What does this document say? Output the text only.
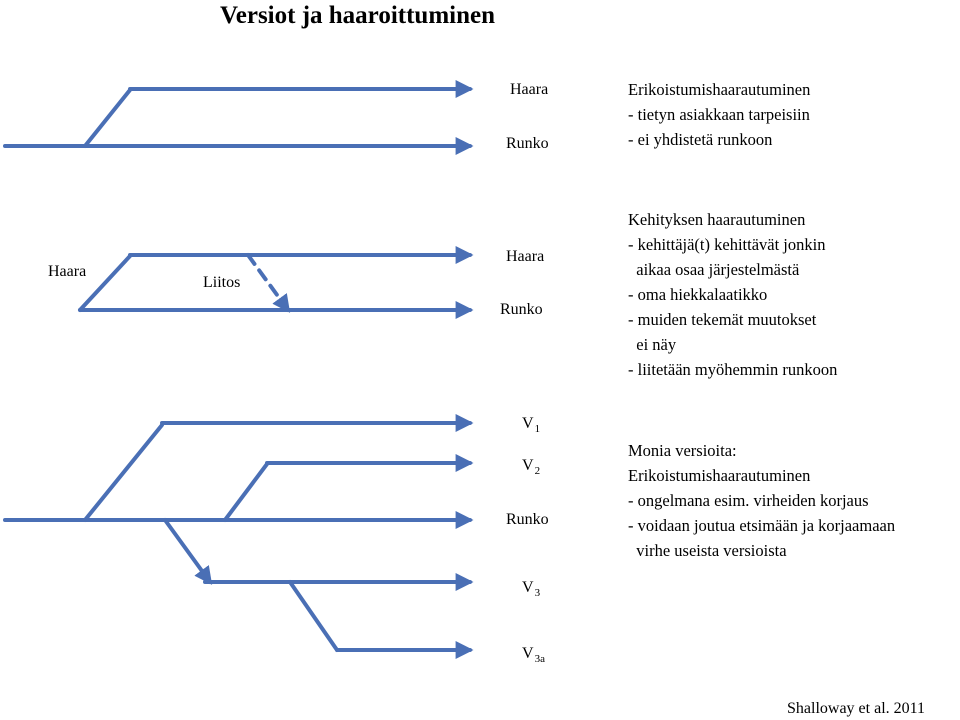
Versiot ja haaroittuminen
Haara
Runko
Erikoistumishaarautuminen
- tietyn asiakkaan tarpeisiin
- ei yhdistetä runkoon
Haara
Liitos
Haara
Runko
Kehityksen haarautuminen
- kehittäjä(t) kehittävät jonkin
aikaa osaa järjestelmästä
- oma hiekkalaatikko
- muiden tekemät muutokset
ei näy
- liitetään myöhemmin runkoon
$V_1$
$V_2$
Runko
$V_3$
$V_{3a}$
Monia versioita:
Erikoistumishaarautuminen
- ongelmana esim. virheiden korjaus
- voidaan joutua etsimään ja korjaamaan
virhe useista versioista
Shalloway et al. 2011
